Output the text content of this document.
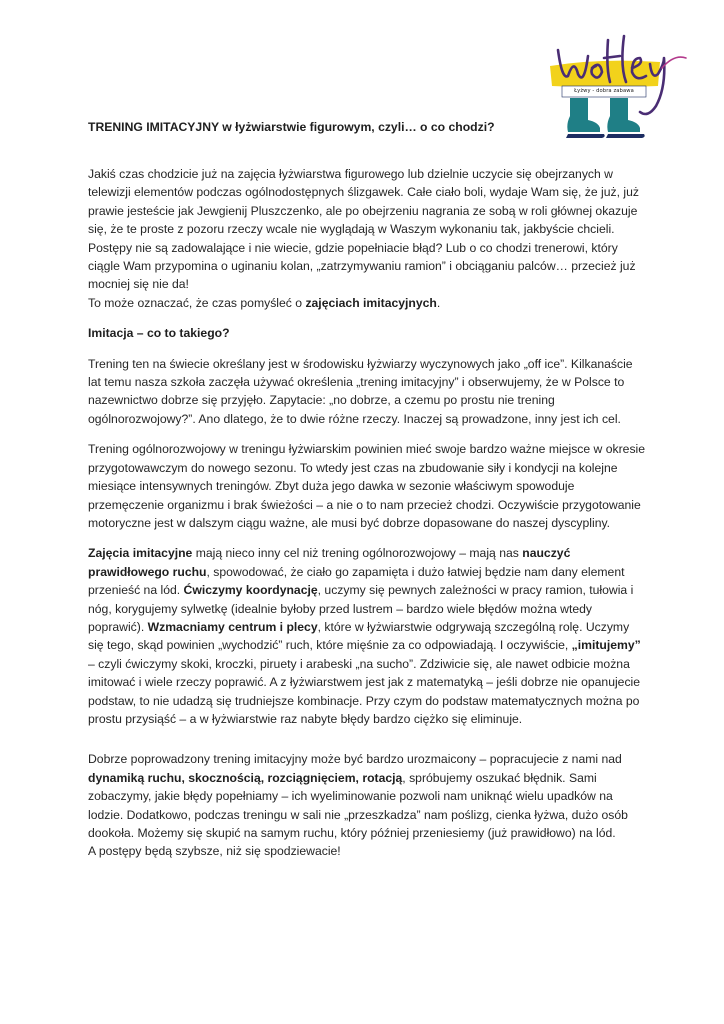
Łyżwy - dobra zabawa
TRENING IMITACYJNY w łyżwiarstwie figurowym, czyli… o co chodzi?

Jakiś czas chodzicie już na zajęcia łyżwiarstwa figurowego lub dzielnie uczycie się obejrzanych w telewizji elementów podczas ogólnodostępnych ślizgawek. Całe ciało boli, wydaje Wam się, że już, już prawie jesteście jak Jewgienij Pluszczenko, ale po obejrzeniu nagrania ze sobą w roli głównej okazuje się, że te proste z pozoru rzeczy wcale nie wyglądają w Waszym wykonaniu tak, jakbyście chcieli. Postępy nie są zadowalające i nie wiecie, gdzie popełniacie błąd? Lub o co chodzi trenerowi, który ciągle Wam przypomina o uginaniu kolan, „zatrzymywaniu ramion” i obciąganiu palców… przecież już mocniej się nie da!

To może oznaczać, że czas pomyśleć o zajęciach imitacyjnych.

Imitacja – co to takiego?

Trening ten na świecie określany jest w środowisku łyżwiarzy wyczynowych jako „off ice”. Kilkanaście lat temu nasza szkoła zaczęła używać określenia „trening imitacyjny” i obserwujemy, że w Polsce to nazewnictwo dobrze się przyjęło. Zapytacie: „no dobrze, a czemu po prostu nie trening ogólnorozwojowy?”. Ano dlatego, że to dwie różne rzeczy. Inaczej są prowadzone, inny jest ich cel.

Trening ogólnorozwojowy w treningu łyżwiarskim powinien mieć swoje bardzo ważne miejsce w okresie przygotowawczym do nowego sezonu. To wtedy jest czas na zbudowanie siły i kondycji na kolejne miesiące intensywnych treningów. Zbyt duża jego dawka w sezonie właściwym spowoduje przemęczenie organizmu i brak świeżości – a nie o to nam przecież chodzi. Oczywiście przygotowanie motoryczne jest w dalszym ciągu ważne, ale musi być dobrze dopasowane do naszej dyscypliny.

Zajęcia imitacyjne mają nieco inny cel niż trening ogólnorozwojowy – mają nas nauczyć prawidłowego ruchu, spowodować, że ciało go zapamięta i dużo łatwiej będzie nam dany element przenieść na lód. Ćwiczymy koordynację, uczymy się pewnych zależności w pracy ramion, tułowia i nóg, korygujemy sylwetkę (idealnie byłoby przed lustrem – bardzo wiele błędów można wtedy poprawić). Wzmacniamy centrum i plecy, które w łyżwiarstwie odgrywają szczególną rolę. Uczymy się tego, skąd powinien „wychodzić” ruch, które mięśnie za co odpowiadają. I oczywiście, „imitujemy” – czyli ćwiczymy skoki, kroczki, piruety i arabeski „na sucho”. Zdziwicie się, ale nawet odbicie można imitować i wiele rzeczy poprawić. A z łyżwiarstwem jest jak z matematyką – jeśli dobrze nie opanujecie podstaw, to nie udadzą się trudniejsze kombinacje. Przy czym do podstaw matematycznych można po prostu przysiąść – a w łyżwiarstwie raz nabyte błędy bardzo ciężko się eliminuje.

Dobrze poprowadzony trening imitacyjny może być bardzo urozmaicony – popracujecie z nami nad dynamiką ruchu, skocznością, rozciągnięciem, rotacją, spróbujemy oszukać błędnik. Sami zobaczymy, jakie błędy popełniamy – ich wyeliminowanie pozwoli nam uniknąć wielu upadków na lodzie. Dodatkowo, podczas treningu w sali nie „przeszkadza” nam poślizg, cienka łyżwa, dużo osób dookoła. Możemy się skupić na samym ruchu, który później przeniesiemy (już prawidłowo) na lód.

A postępy będą szybsze, niż się spodziewacie!
